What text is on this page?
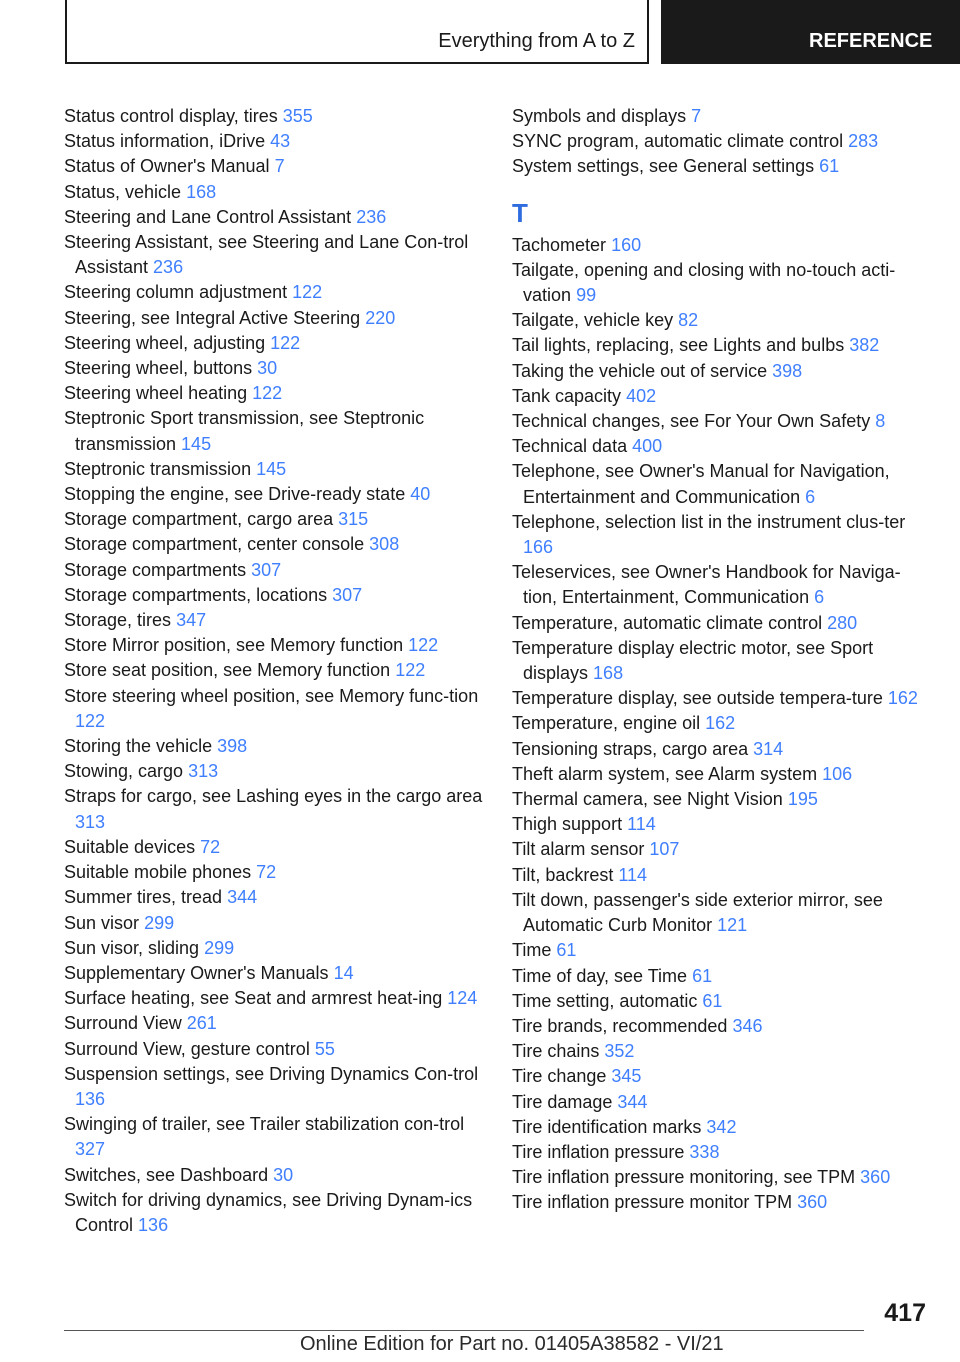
Everything from A to Z	REFERENCE
Status control display, tires 355
Status information, iDrive 43
Status of Owner's Manual 7
Status, vehicle 168
Steering and Lane Control Assistant 236
Steering Assistant, see Steering and Lane Con-trol Assistant 236
Steering column adjustment 122
Steering, see Integral Active Steering 220
Steering wheel, adjusting 122
Steering wheel, buttons 30
Steering wheel heating 122
Steptronic Sport transmission, see Steptronic transmission 145
Steptronic transmission 145
Stopping the engine, see Drive-ready state 40
Storage compartment, cargo area 315
Storage compartment, center console 308
Storage compartments 307
Storage compartments, locations 307
Storage, tires 347
Store Mirror position, see Memory function 122
Store seat position, see Memory function 122
Store steering wheel position, see Memory func-tion 122
Storing the vehicle 398
Stowing, cargo 313
Straps for cargo, see Lashing eyes in the cargo area 313
Suitable devices 72
Suitable mobile phones 72
Summer tires, tread 344
Sun visor 299
Sun visor, sliding 299
Supplementary Owner's Manuals 14
Surface heating, see Seat and armrest heat-ing 124
Surround View 261
Surround View, gesture control 55
Suspension settings, see Driving Dynamics Con-trol 136
Swinging of trailer, see Trailer stabilization con-trol 327
Switches, see Dashboard 30
Switch for driving dynamics, see Driving Dynam-ics Control 136
Symbols and displays 7
SYNC program, automatic climate control 283
System settings, see General settings 61
T
Tachometer 160
Tailgate, opening and closing with no-touch acti-vation 99
Tailgate, vehicle key 82
Tail lights, replacing, see Lights and bulbs 382
Taking the vehicle out of service 398
Tank capacity 402
Technical changes, see For Your Own Safety 8
Technical data 400
Telephone, see Owner's Manual for Navigation, Entertainment and Communication 6
Telephone, selection list in the instrument clus-ter 166
Teleservices, see Owner's Handbook for Naviga-tion, Entertainment, Communication 6
Temperature, automatic climate control 280
Temperature display electric motor, see Sport displays 168
Temperature display, see outside tempera-ture 162
Temperature, engine oil 162
Tensioning straps, cargo area 314
Theft alarm system, see Alarm system 106
Thermal camera, see Night Vision 195
Thigh support 114
Tilt alarm sensor 107
Tilt, backrest 114
Tilt down, passenger's side exterior mirror, see Automatic Curb Monitor 121
Time 61
Time of day, see Time 61
Time setting, automatic 61
Tire brands, recommended 346
Tire chains 352
Tire change 345
Tire damage 344
Tire identification marks 342
Tire inflation pressure 338
Tire inflation pressure monitoring, see TPM 360
Tire inflation pressure monitor TPM 360
417
Online Edition for Part no. 01405A38582 - VI/21
